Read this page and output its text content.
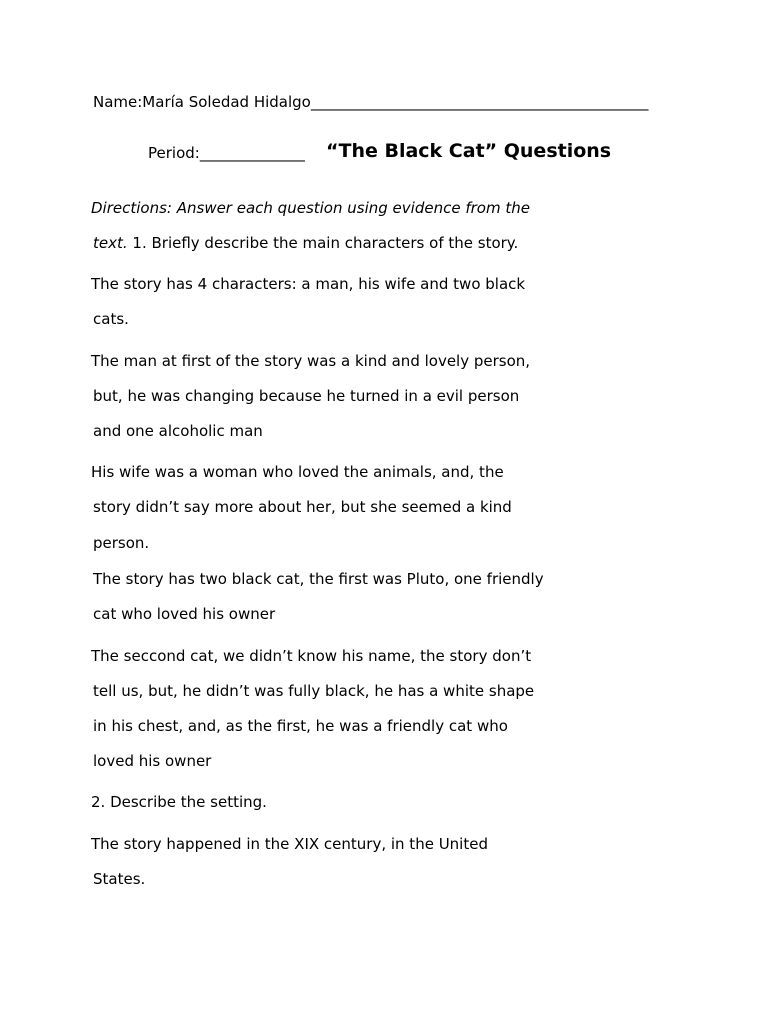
Name:María Soledad Hidalgo_____________________________________________
Period:______________ “The Black Cat” Questions
Directions: Answer each question using evidence from the
text. 1. Briefly describe the main characters of the story.
The story has 4 characters: a man, his wife and two black
cats.
The man at first of the story was a kind and lovely person,
but, he was changing because he turned in a evil person
and one alcoholic man
His wife was a woman who loved the animals, and, the
story didn’t say more about her, but she seemed a kind
person.
The story has two black cat, the first was Pluto, one friendly
cat who loved his owner
The seccond cat, we didn’t know his name, the story don’t
tell us, but, he didn’t was fully black, he has a white shape
in his chest, and, as the first, he was a friendly cat who
loved his owner
2. Describe the setting.
The story happened in the XIX century, in the United
States.
